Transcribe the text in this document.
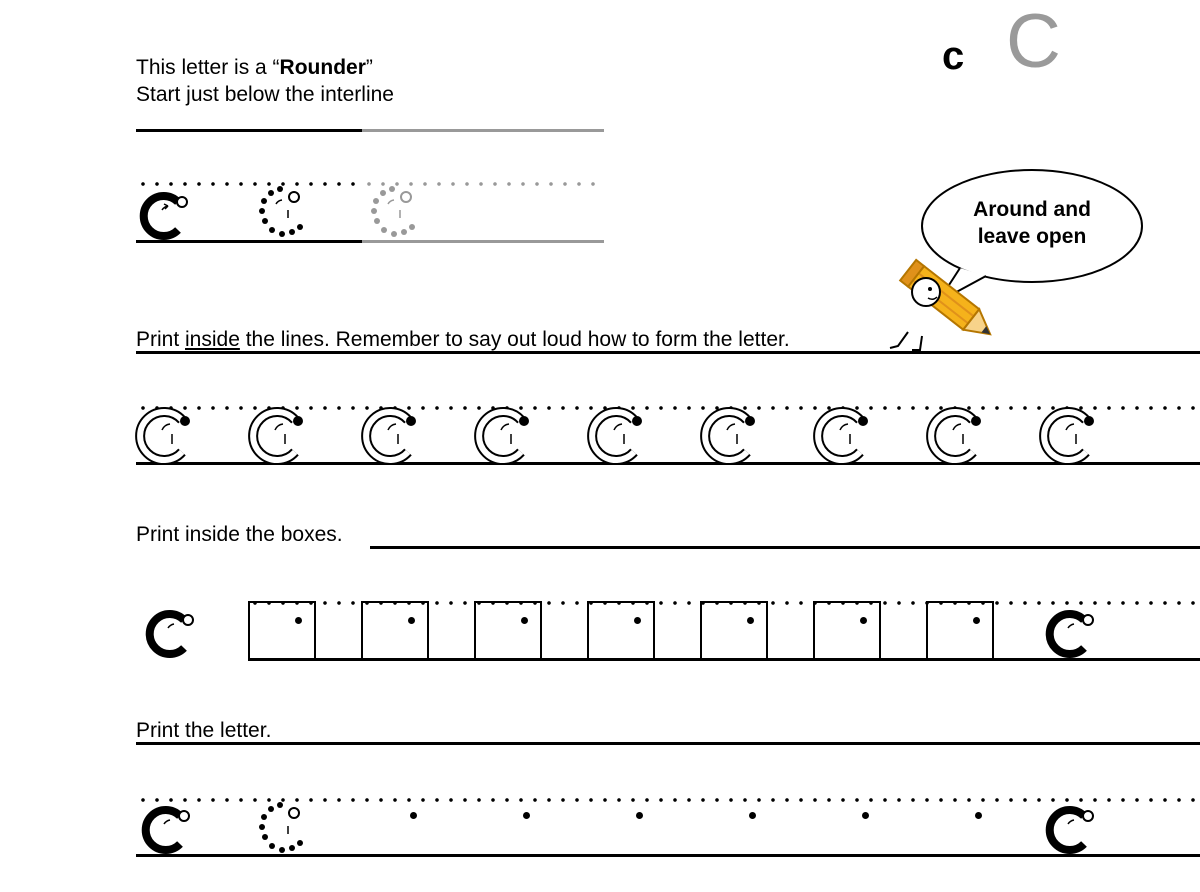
This letter is a “Rounder”
Start just below the interline
c C
Around and
leave open
Print inside the lines. Remember to say out loud how to form the letter.
Print inside the boxes.
Print the letter.
